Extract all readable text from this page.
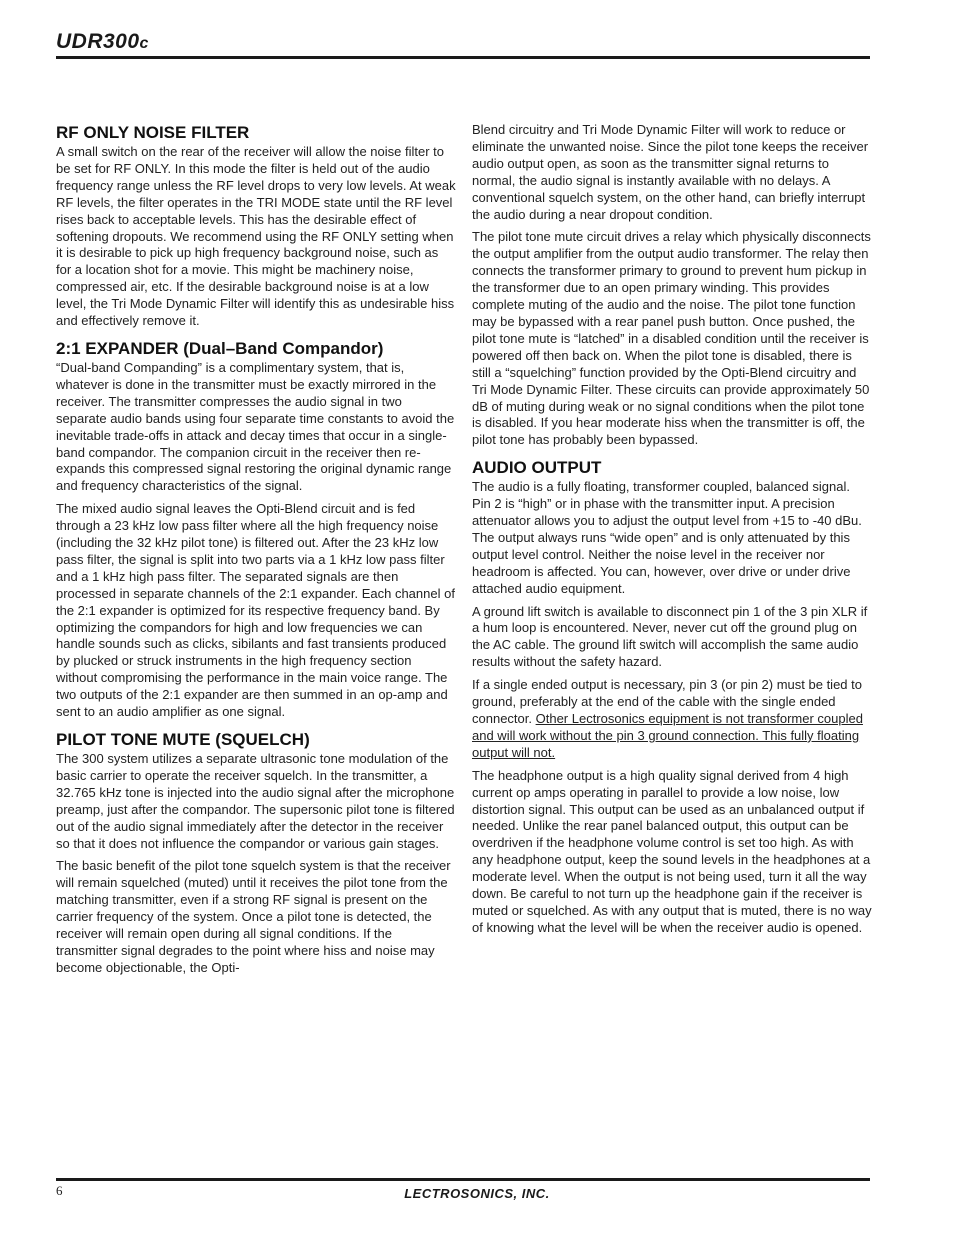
UDR300c
RF ONLY NOISE FILTER

A small switch on the rear of the receiver will allow the noise filter to be set for RF ONLY. In this mode the filter is held out of the audio frequency range unless the RF level drops to very low levels. At weak RF levels, the filter operates in the TRI MODE state until the RF level rises back to acceptable levels. This has the desirable effect of softening dropouts. We recommend using the RF ONLY setting when it is desirable to pick up high frequency background noise, such as for a location shot for a movie. This might be machinery noise, compressed air, etc. If the desirable background noise is at a low level, the Tri Mode Dynamic Filter will identify this as undesirable hiss and effectively remove it.

2:1 EXPANDER (Dual–Band Compandor)

“Dual-band Companding” is a complimentary system, that is, whatever is done in the transmitter must be exactly mirrored in the receiver. The transmitter compresses the audio signal in two separate audio bands using four separate time constants to avoid the inevitable trade-offs in attack and decay times that occur in a single-band compandor. The companion circuit in the receiver then re-expands this compressed signal restoring the original dynamic range and frequency characteristics of the signal.

The mixed audio signal leaves the Opti-Blend circuit and is fed through a 23 kHz low pass filter where all the high frequency noise (including the 32 kHz pilot tone) is filtered out. After the 23 kHz low pass filter, the signal is split into two parts via a 1 kHz low pass filter and a 1 kHz high pass filter. The separated signals are then processed in separate channels of the 2:1 expander. Each channel of the 2:1 expander is optimized for its respective frequency band. By optimizing the compandors for high and low frequencies we can handle sounds such as clicks, sibilants and fast transients produced by plucked or struck instruments in the high frequency section without compromising the performance in the main voice range. The two outputs of the 2:1 expander are then summed in an op-amp and sent to an audio amplifier as one signal.

PILOT TONE MUTE (SQUELCH)

The 300 system utilizes a separate ultrasonic tone modulation of the basic carrier to operate the receiver squelch. In the transmitter, a 32.765 kHz tone is injected into the audio signal after the microphone preamp, just after the compandor. The supersonic pilot tone is filtered out of the audio signal immediately after the detector in the receiver so that it does not influence the compandor or various gain stages.

The basic benefit of the pilot tone squelch system is that the receiver will remain squelched (muted) until it receives the pilot tone from the matching transmitter, even if a strong RF signal is present on the carrier frequency of the system. Once a pilot tone is detected, the receiver will remain open during all signal conditions. If the transmitter signal degrades to the point where hiss and noise may become objectionable, the Opti-

Blend circuitry and Tri Mode Dynamic Filter will work to reduce or eliminate the unwanted noise. Since the pilot tone keeps the receiver audio output open, as soon as the transmitter signal returns to normal, the audio signal is instantly available with no delays. A conventional squelch system, on the other hand, can briefly interrupt the audio during a near dropout condition.

The pilot tone mute circuit drives a relay which physically disconnects the output amplifier from the output audio transformer. The relay then connects the transformer primary to ground to prevent hum pickup in the transformer due to an open primary winding. This provides complete muting of the audio and the noise. The pilot tone function may be bypassed with a rear panel push button. Once pushed, the pilot tone mute is “latched” in a disabled condition until the receiver is powered off then back on. When the pilot tone is disabled, there is still a “squelching” function provided by the Opti-Blend circuitry and Tri Mode Dynamic Filter. These circuits can provide approximately 50 dB of muting during weak or no signal conditions when the pilot tone is disabled. If you hear moderate hiss when the transmitter is off, the pilot tone has probably been bypassed.

AUDIO OUTPUT

The audio is a fully floating, transformer coupled, balanced signal. Pin 2 is “high” or in phase with the transmitter input. A precision attenuator allows you to adjust the output level from +15 to -40 dBu. The output always runs “wide open” and is only attenuated by this output level control. Neither the noise level in the receiver nor headroom is affected. You can, however, over drive or under drive attached audio equipment.

A ground lift switch is available to disconnect pin 1 of the 3 pin XLR if a hum loop is encountered. Never, never cut off the ground plug on the AC cable. The ground lift switch will accomplish the same audio results without the safety hazard.

If a single ended output is necessary, pin 3 (or pin 2) must be tied to ground, preferably at the end of the cable with the single ended connector. Other Lectrosonics equipment is not transformer coupled and will work without the pin 3 ground connection. This fully floating output will not.

The headphone output is a high quality signal derived from 4 high current op amps operating in parallel to provide a low noise, low distortion signal. This output can be used as an unbalanced output if needed. Unlike the rear panel balanced output, this output can be overdriven if the headphone volume control is set too high. As with any headphone output, keep the sound levels in the headphones at a moderate level. When the output is not being used, turn it all the way down. Be careful to not turn up the headphone gain if the receiver is muted or squelched. As with any output that is muted, there is no way of knowing what the level will be when the receiver audio is opened.

6	LECTROSONICS, INC.
